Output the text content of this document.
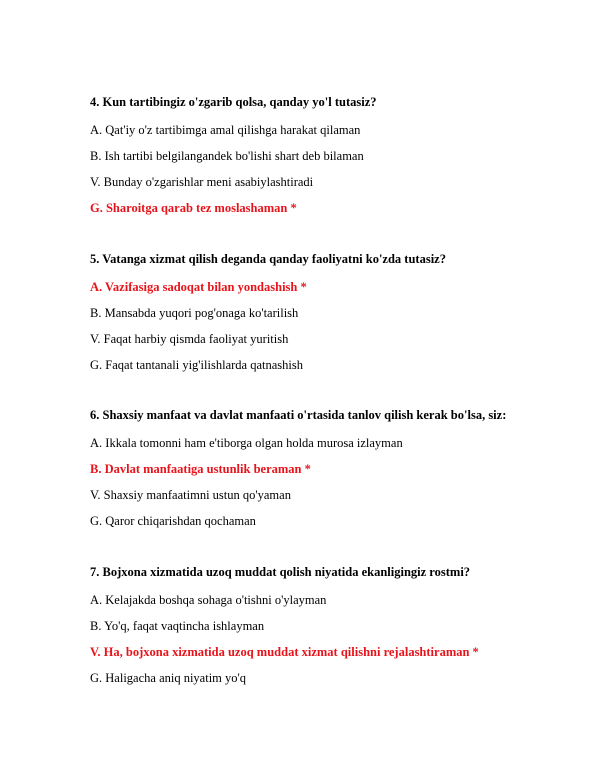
4. Kun tartibingiz o'zgarib qolsa, qanday yo'l tutasiz?

A. Qat'iy o'z tartibimga amal qilishga harakat qilaman

B. Ish tartibi belgilangandek bo'lishi shart deb bilaman

V. Bunday o'zgarishlar meni asabiylashtiradi

G. Sharoitga qarab tez moslashaman *

5. Vatanga xizmat qilish deganda qanday faoliyatni ko'zda tutasiz?

A. Vazifasiga sadoqat bilan yondashish *

B. Mansabda yuqori pog'onaga ko'tarilish

V. Faqat harbiy qismda faoliyat yuritish

G. Faqat tantanali yig'ilishlarda qatnashish

6. Shaxsiy manfaat va davlat manfaati o'rtasida tanlov qilish kerak bo'lsa, siz:

A. Ikkala tomonni ham e'tiborga olgan holda murosa izlayman

B. Davlat manfaatiga ustunlik beraman *

V. Shaxsiy manfaatimni ustun qo'yaman

G. Qaror chiqarishdan qochaman

7. Bojxona xizmatida uzoq muddat qolish niyatida ekanligingiz rostmi?

A. Kelajakda boshqa sohaga o'tishni o'ylayman

B. Yo'q, faqat vaqtincha ishlayman

V. Ha, bojxona xizmatida uzoq muddat xizmat qilishni rejalashtiraman *

G. Haligacha aniq niyatim yo'q
